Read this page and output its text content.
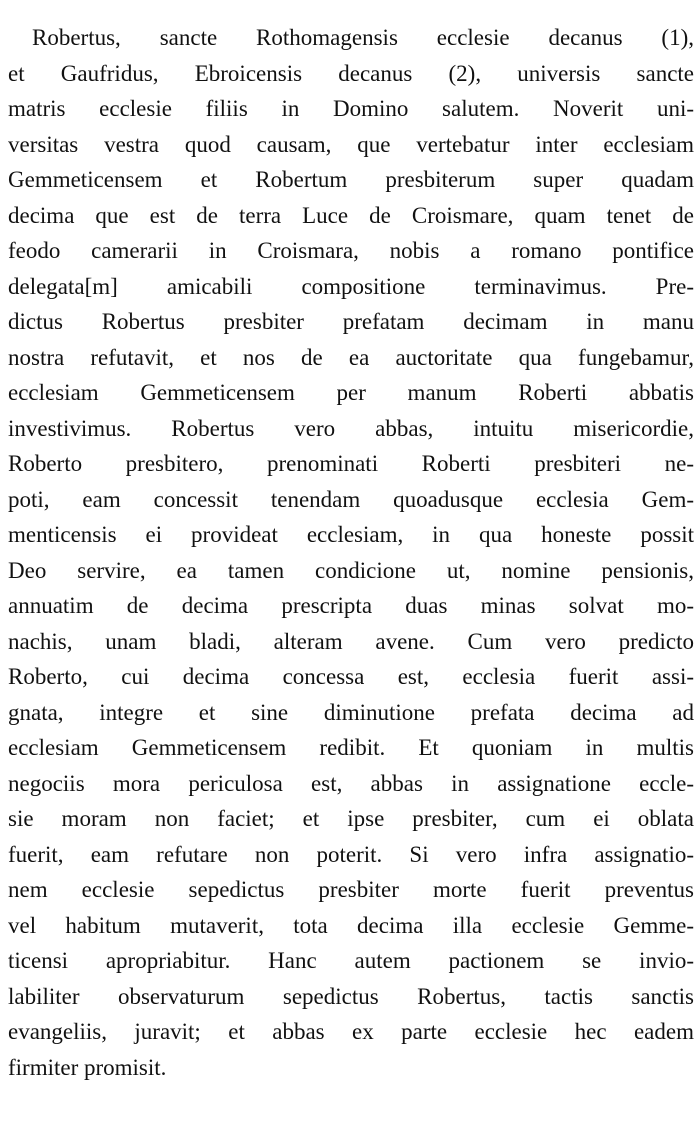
Robertus, sancte Rothomagensis ecclesie decanus (1),
et Gaufridus, Ebroicensis decanus (2), universis sancte
matris ecclesie filiis in Domino salutem. Noverit uni-
versitas vestra quod causam, que vertebatur inter ecclesiam
Gemmeticensem et Robertum presbiterum super quadam
decima que est de terra Luce de Croismare, quam tenet de
feodo camerarii in Croismara, nobis a romano pontifice
delegata[m] amicabili compositione terminavimus. Pre-
dictus Robertus presbiter prefatam decimam in manu
nostra refutavit, et nos de ea auctoritate qua fungebamur,
ecclesiam Gemmeticensem per manum Roberti abbatis
investivimus. Robertus vero abbas, intuitu misericordie,
Roberto presbitero, prenominati Roberti presbiteri ne-
poti, eam concessit tenendam quoadusque ecclesia Gem-
menticensis ei provideat ecclesiam, in qua honeste possit
Deo servire, ea tamen condicione ut, nomine pensionis,
annuatim de decima prescripta duas minas solvat mo-
nachis, unam bladi, alteram avene. Cum vero predicto
Roberto, cui decima concessa est, ecclesia fuerit assi-
gnata, integre et sine diminutione prefata decima ad
ecclesiam Gemmeticensem redibit. Et quoniam in multis
negociis mora periculosa est, abbas in assignatione eccle-
sie moram non faciet; et ipse presbiter, cum ei oblata
fuerit, eam refutare non poterit. Si vero infra assignatio-
nem ecclesie sepedictus presbiter morte fuerit preventus
vel habitum mutaverit, tota decima illa ecclesie Gemme-
ticensi apropriabitur. Hanc autem pactionem se invio-
labiliter observaturum sepedictus Robertus, tactis sanctis
evangeliis, juravit; et abbas ex parte ecclesie hec eadem
firmiter promisit.
